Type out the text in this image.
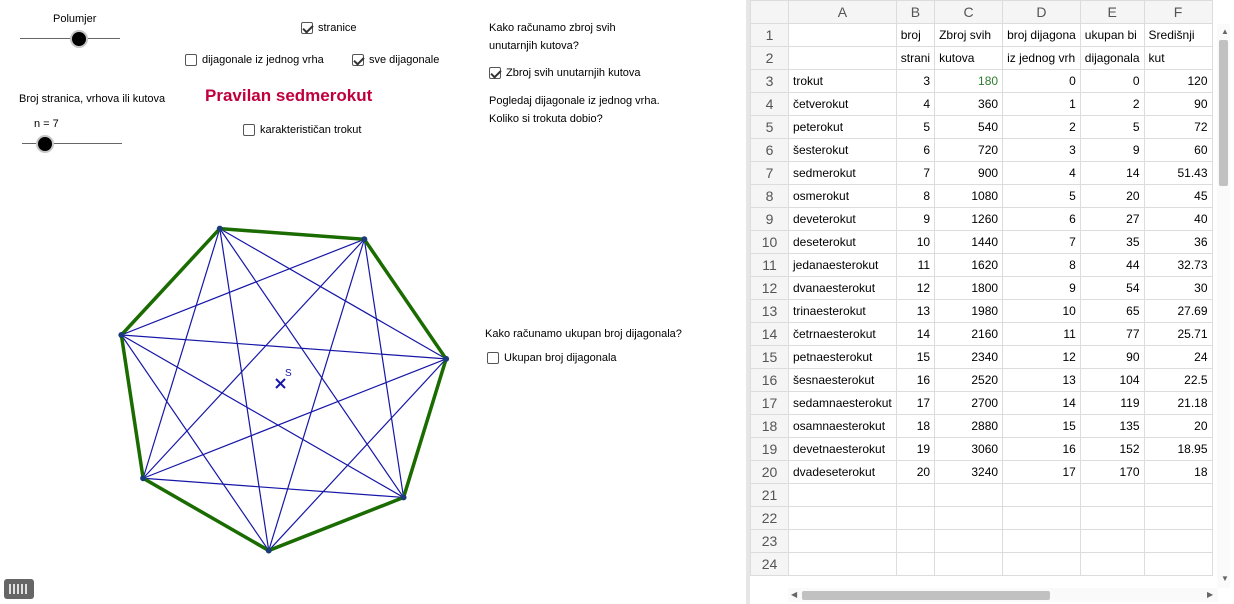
Polumjer
Broj stranica, vrhova ili kutova
n = 7
stranice
dijagonale iz jednog vrha	sve dijagonale
Pravilan sedmerokut
karakterističan trokut
Kako računamo zbroj svih
unutarnjih kutova?
Zbroj svih unutarnjih kutova
Pogledaj dijagonale iz jednog vrha.
Koliko si trokuta dobio?
Kako računamo ukupan broj dijagonala?
Ukupan broj dijagonala
S
	A	B	C	D	E	F
1		broj	Zbroj svih	broj dijagona	ukupan bi	Središnji
2		strani	kutova	iz jednog vrh	dijagonala	kut
3	trokut	3	180	0	0	120
4	četverokut	4	360	1	2	90
5	peterokut	5	540	2	5	72
6	šesterokut	6	720	3	9	60
7	sedmerokut	7	900	4	14	51.43
8	osmerokut	8	1080	5	20	45
9	deveterokut	9	1260	6	27	40
10	deseterokut	10	1440	7	35	36
11	jedanaesterokut	11	1620	8	44	32.73
12	dvanaesterokut	12	1800	9	54	30
13	trinaesterokut	13	1980	10	65	27.69
14	četrnaesterokut	14	2160	11	77	25.71
15	petnaesterokut	15	2340	12	90	24
16	šesnaesterokut	16	2520	13	104	22.5
17	sedamnaesterokut	17	2700	14	119	21.18
18	osamnaesterokut	18	2880	15	135	20
19	devetnaesterokut	19	3060	16	152	18.95
20	dvadeseterokut	20	3240	17	170	18
21						
22						
23						
24						
▲
▼
◀	▶
